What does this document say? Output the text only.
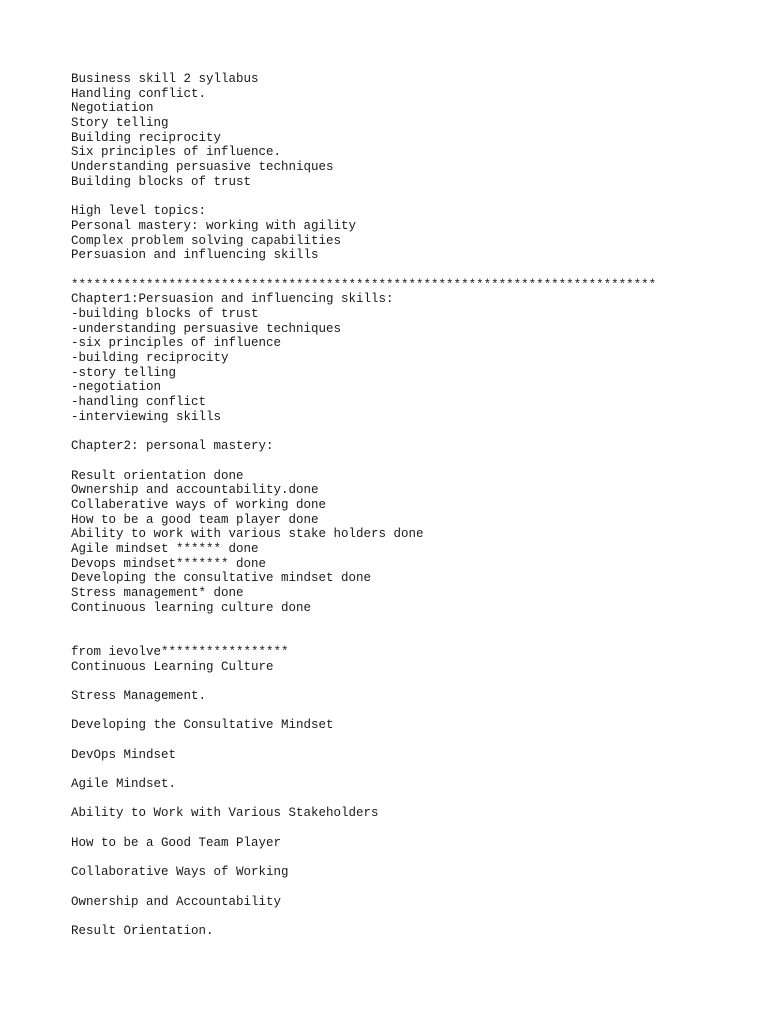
Business skill 2 syllabus
Handling conflict.
Negotiation
Story telling
Building reciprocity
Six principles of influence.
Understanding persuasive techniques
Building blocks of trust
High level topics:
Personal mastery: working with agility
Complex problem solving capabilities
Persuasion and influencing skills
******************************************************************************
Chapter1:Persuasion and influencing skills:
-building blocks of trust
-understanding persuasive techniques
-six principles of influence
-building reciprocity
-story telling
-negotiation
-handling conflict
-interviewing skills
Chapter2: personal mastery:
Result orientation done
Ownership and accountability.done
Collaberative ways of working done
How to be a good team player done
Ability to work with various stake holders done
Agile mindset ****** done
Devops mindset******* done
Developing the consultative mindset done
Stress management* done
Continuous learning culture done
from ievolve*****************
Continuous Learning Culture
Stress Management.
Developing the Consultative Mindset
DevOps Mindset
Agile Mindset.
Ability to Work with Various Stakeholders
How to be a Good Team Player
Collaborative Ways of Working
Ownership and Accountability
Result Orientation.
